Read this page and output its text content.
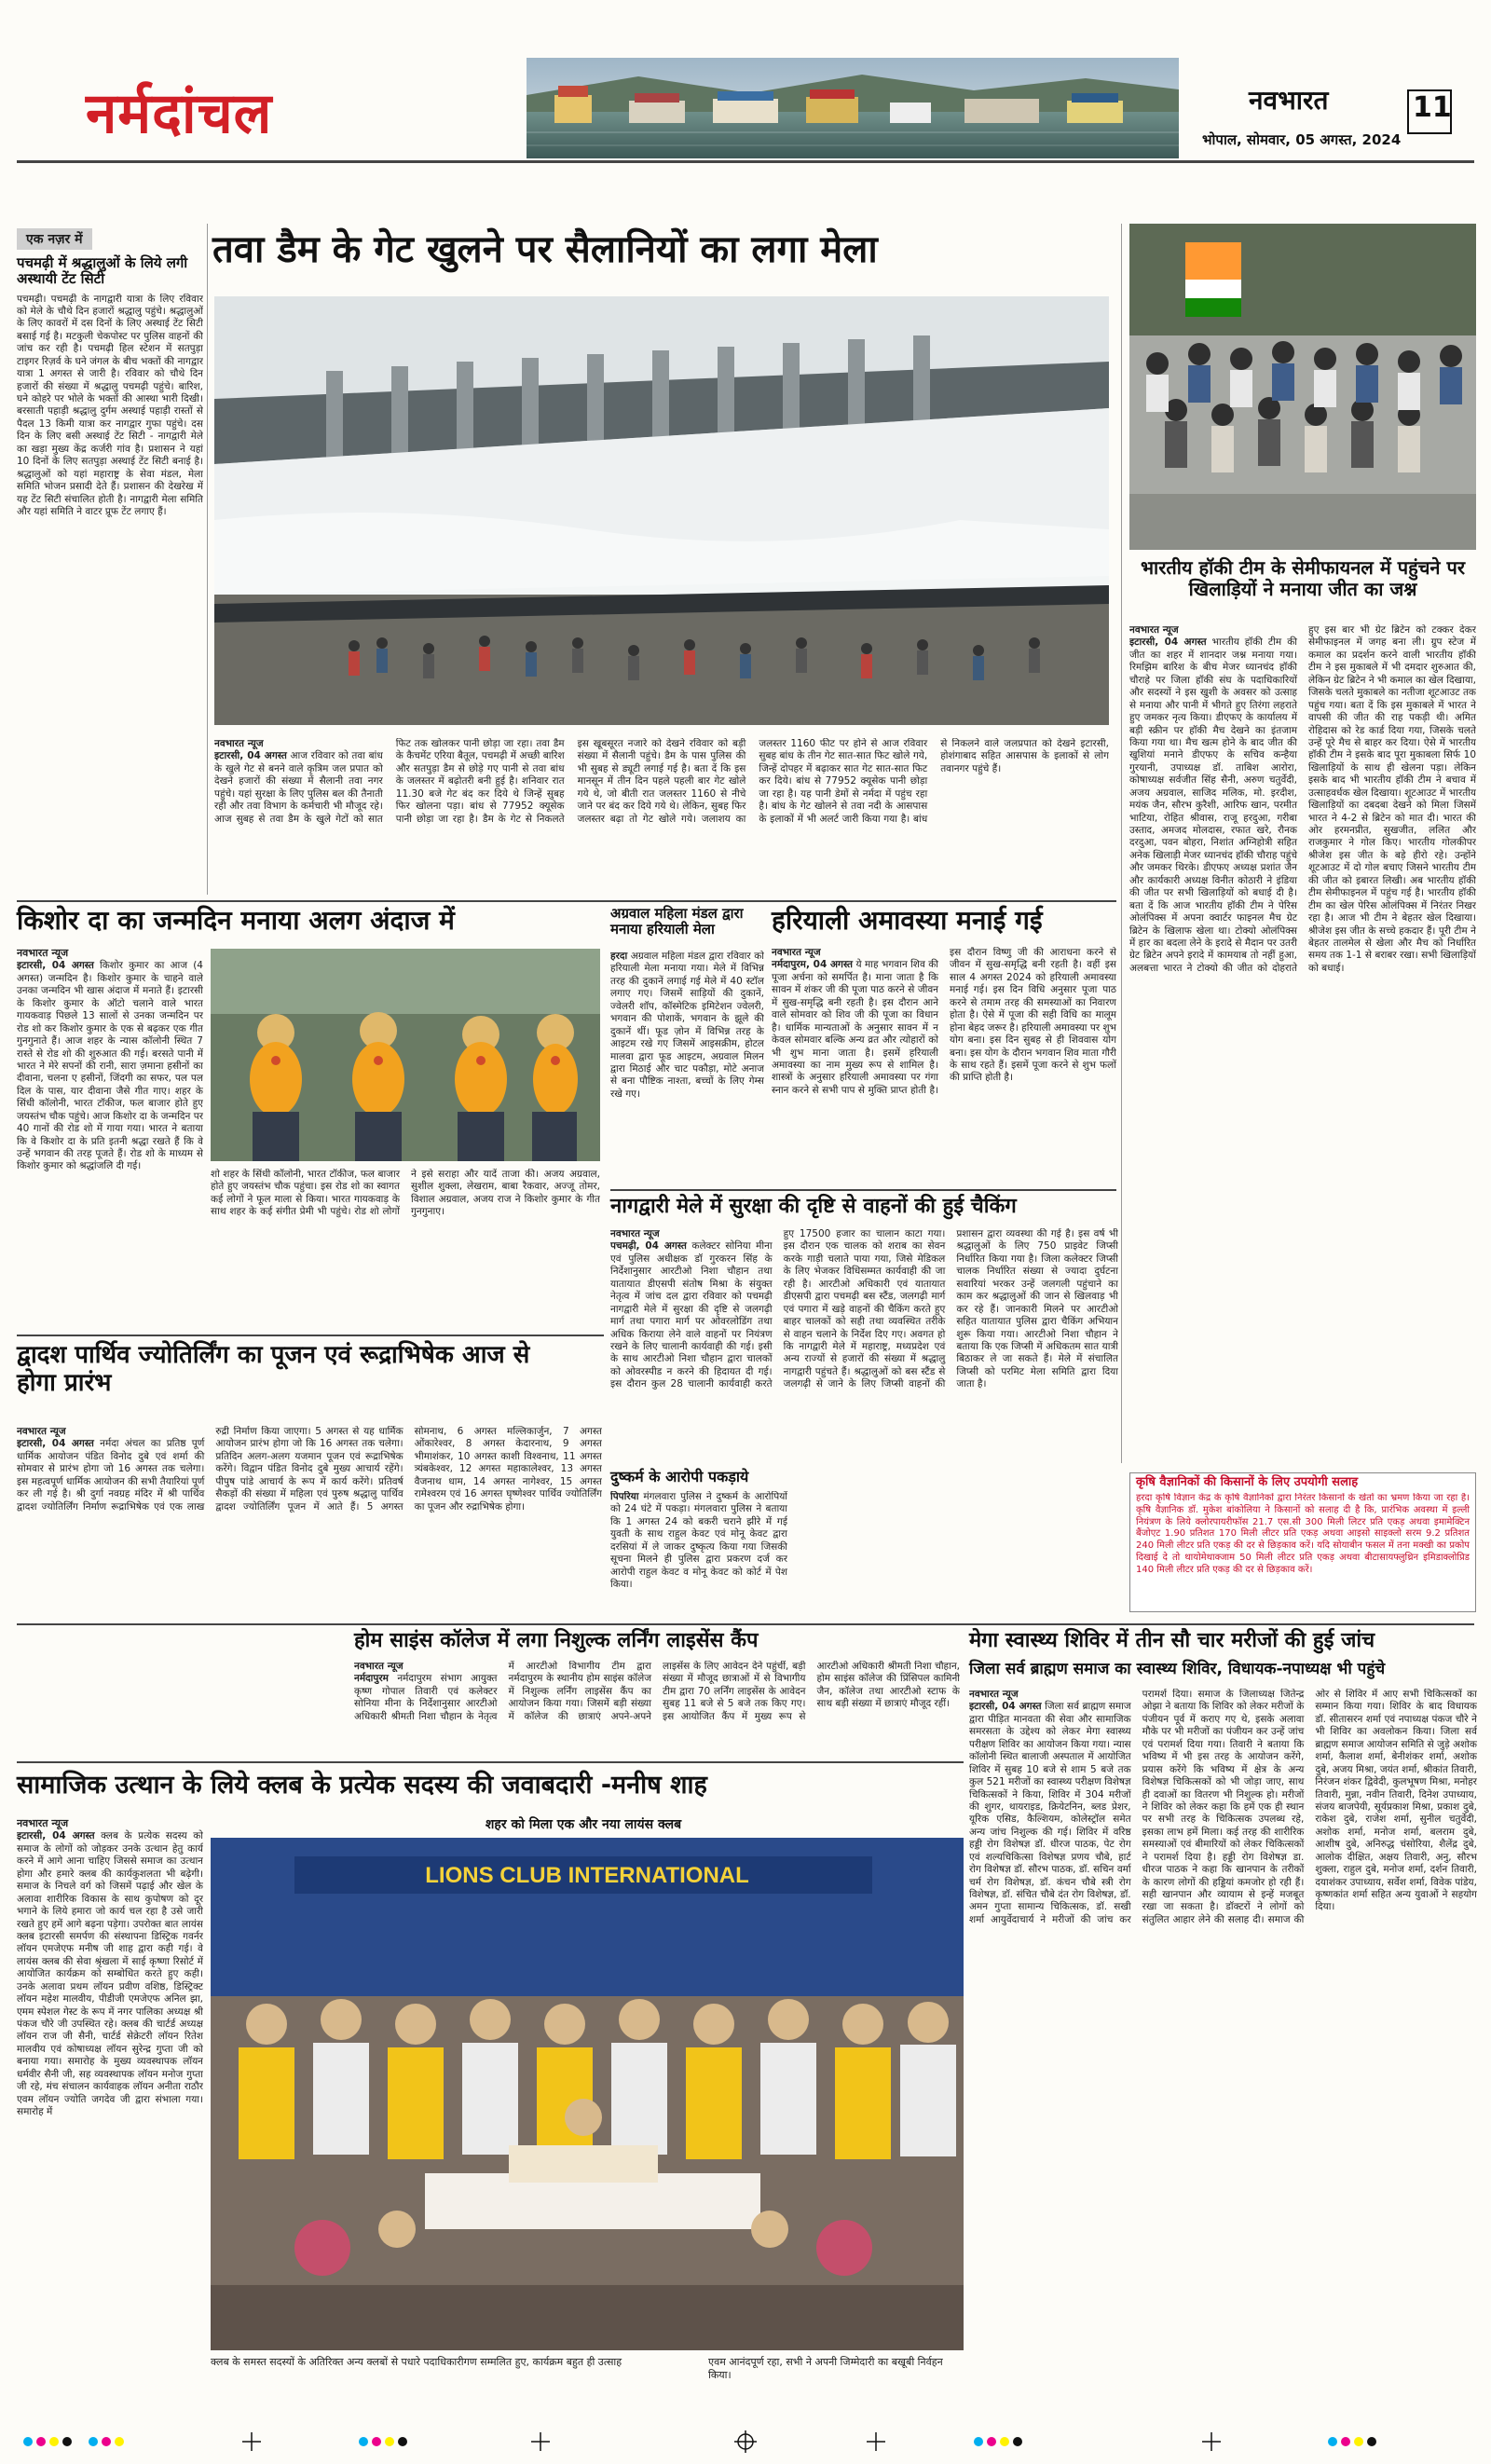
नर्मदांचल	नवभारत
भोपाल, सोमवार, 05 अगस्त, 2024
11
एक नज़र में
पचमढ़ी में श्रद्धालुओं के लिये लगी अस्थायी टेंट सिटी
पचमढ़ी। पचमढ़ी के नागद्वारी यात्रा के लिए रविवार को मेले के चौथे दिन हजारों श्रद्धालु पहुंचे। श्रद्धालुओं के लिए कावरों में दस दिनों के लिए अस्थाई टेंट सिटी बसाई गई है। मटकुली चेकपोस्ट पर पुलिस वाहनों की जांच कर रही है। पचमढ़ी हिल स्टेशन में सतपुड़ा टाइगर रिज़र्व के घने जंगल के बीच भक्तों की नागद्वार यात्रा 1 अगस्त से जारी है। रविवार को चौथे दिन हजारों की संख्या में श्रद्धालु पचमढ़ी पहुंचे। बारिश, घने कोहरे पर भोले के भक्तों की आस्था भारी दिखी। बरसाती पहाड़ी श्रद्धालु दुर्गम अस्थाई पहाड़ी रास्तों से पैदल 13 किमी यात्रा कर नागद्वार गुफा पहुंचे। दस दिन के लिए बसी अस्थाई टेंट सिटी - नागद्वारी मेले का खड़ा मुख्य केंद्र कर्जरी गांव है। प्रशासन ने यहां 10 दिनों के लिए सतपुड़ा अस्थाई टेंट सिटी बनाई है। श्रद्धालुओं को यहां महाराष्ट्र के सेवा मंडल, मेला समिति भोजन प्रसादी देते हैं। प्रशासन की देखरेख में यह टेंट सिटी संचालित होती है। नागद्वारी मेला समिति और यहां समिति ने वाटर प्रूफ टेंट लगाए हैं।
तवा डैम के गेट खुलने पर सैलानियों का लगा मेला
नवभारत न्यूज
इटारसी, 04 अगस्त आज रविवार को तवा बांध के खुले गेट से बनने वाले कृत्रिम जल प्रपात को देखने हजारों की संख्या में सैलानी तवा नगर पहुंचे। यहां सुरक्षा के लिए पुलिस बल की तैनाती रही और तवा विभाग के कर्मचारी भी मौजूद रहे। आज सुबह से तवा डैम के खुले गेटों को सात फिट तक खोलकर पानी छोड़ा जा रहा। तवा डैम के कैचमेंट एरिया बैतूल, पचमढ़ी में अच्छी बारिश और सतपुड़ा डैम से छोड़े गए पानी से तवा बांध के जलस्तर में बढ़ोतरी बनी हुई है। शनिवार रात 11.30 बजे गेट बंद कर दिये थे जिन्हें सुबह फिर खोलना पड़ा। बांध से 77952 क्यूसेक पानी छोड़ा जा रहा है। डैम के गेट से निकलते इस खूबसूरत नजारे को देखने रविवार को बड़ी संख्या में सैलानी पहुंचे। डैम के पास पुलिस की भी सुबह से ड्यूटी लगाई गई है। बता दें कि इस मानसून में तीन दिन पहले पहली बार गेट खोले गये थे, जो बीती रात जलस्तर 1160 से नीचे जाने पर बंद कर दिये गये थे। लेकिन, सुबह फिर जलस्तर बढ़ा तो गेट खोले गये। जलाशय का जलस्तर 1160 फीट पर होने से आज रविवार सुबह बांध के तीन गेट सात-सात फिट खोले गये, जिन्हें दोपहर में बढ़ाकर सात गेट सात-सात फिट कर दिये। बांध से 77952 क्यूसेक पानी छोड़ा जा रहा है। यह पानी डेमों से नर्मदा में पहुंच रहा है। बांध के गेट खोलने से तवा नदी के आसपास के इलाकों में भी अलर्ट जारी किया गया है। बांध से निकलने वाले जलप्रपात को देखने इटारसी, होशंगाबाद सहित आसपास के इलाकों से लोग तवानगर पहुंचे हैं।
भारतीय हॉकी टीम के सेमीफायनल में पहुंचने पर खिलाड़ियों ने मनाया जीत का जश्न
नवभारत न्यूज
इटारसी, 04 अगस्त भारतीय हॉकी टीम की जीत का शहर में शानदार जश्न मनाया गया। रिमझिम बारिश के बीच मेजर ध्यानचंद हॉकी चौराहे पर जिला हॉकी संघ के पदाधिकारियों और सदस्यों ने इस खुशी के अवसर को उत्साह से मनाया और पानी में भीगते हुए तिरंगा लहराते हुए जमकर नृत्य किया। डीएफए के कार्यालय में बड़ी स्क्रीन पर हॉकी मैच देखने का इंतजाम किया गया था। मैच खत्म होने के बाद जीत की खुशियां मनाने डीएफए के सचिव कन्हैया गुरयानी, उपाध्यक्ष डॉ. ताबिश आरोरा, कोषाध्यक्ष सर्वजीत सिंह सैनी, अरुण चतुर्वेदी, अजय अग्रवाल, साजिद मलिक, मो. इरदीश, मयंक जैन, सौरभ कुरैशी, आरिफ खान, परमीत भाटिया, रोहित श्रीवास, राजू हरदुआ, गरीबा उस्ताद, अमजद मोलदास, रफात खरे, रौनक दरदुआ, पवन बोहरा, निशांत अग्निहोत्री सहित अनेक खिलाड़ी मेजर ध्यानचंद हॉकी चौराह पहुंचे और जमकर थिरके। डीएफए अध्यक्ष प्रशांत जैन और कार्यकारी अध्यक्ष विनीत कोठारी ने इंडिया की जीत पर सभी खिलाड़ियों को बधाई दी है। बता दें कि आज भारतीय हॉकी टीम ने पेरिस ओलंपिक्स में अपना क्वार्टर फाइनल मैच ग्रेट ब्रिटेन के खिलाफ खेला था। टोक्यो ओलंपिक्स में हार का बदला लेने के इरादे से मैदान पर उतरी ग्रेट ब्रिटेन अपने इरादे में कामयाब तो नहीं हुआ, अलबत्ता भारत ने टोक्यो की जीत को दोहराते हुए इस बार भी ग्रेट ब्रिटेन को टक्कर देकर सेमीफाइनल में जगह बना ली। ग्रुप स्टेज में कमाल का प्रदर्शन करने वाली भारतीय हॉकी टीम ने इस मुकाबले में भी दमदार शुरुआत की, लेकिन ग्रेट ब्रिटेन ने भी कमाल का खेल दिखाया, जिसके चलते मुकाबले का नतीजा शूटआउट तक पहुंच गया। बता दें कि इस मुकाबले में भारत ने वापसी की जीत की राह पकड़ी थी। अमित रोहिदास को रेड कार्ड दिया गया, जिसके चलते उन्हें पूरे मैच से बाहर कर दिया। ऐसे में भारतीय हॉकी टीम ने इसके बाद पूरा मुकाबला सिर्फ 10 खिलाड़ियों के साथ ही खेलना पड़ा। लेकिन इसके बाद भी भारतीय हॉकी टीम ने बचाव में उत्साहवर्धक खेल दिखाया। शूटआउट में भारतीय खिलाड़ियों का दबदबा देखने को मिला जिसमें भारत ने 4-2 से ब्रिटेन को मात दी। भारत की ओर हरमनप्रीत, सुखजीत, ललित और राजकुमार ने गोल किए। भारतीय गोलकीपर श्रीजेश इस जीत के बड़े हीरो रहे। उन्होंने शूटआउट में दो गोल बचाए जिसने भारतीय टीम की जीत को इबारत लिखी। अब भारतीय हॉकी टीम सेमीफाइनल में पहुंच गई है। भारतीय हॉकी टीम का खेल पेरिस ओलंपिक्स में निरंतर निखर रहा है। आज भी टीम ने बेहतर खेल दिखाया। श्रीजेश इस जीत के सच्चे हकदार हैं। पूरी टीम ने बेहतर तालमेल से खेला और मैच को निर्धारित समय तक 1-1 से बराबर रखा। सभी खिलाड़ियों को बधाई।
किशोर दा का जन्मदिन मनाया अलग अंदाज में
नवभारत न्यूज
इटारसी, 04 अगस्त किशोर कुमार का आज (4 अगस्त) जन्मदिन है। किशोर कुमार के चाहने वाले उनका जन्मदिन भी खास अंदाज में मनाते हैं। इटारसी के किशोर कुमार के ऑटो चलाने वाले भारत गायकवाड़ पिछले 13 सालों से उनका जन्मदिन पर रोड शो कर किशोर कुमार के एक से बढ़कर एक गीत गुनगुनाते हैं। आज शहर के न्यास कॉलोनी स्थित 7 रास्ते से रोड शो की शुरुआत की गई। बरसते पानी में भारत ने मेरे सपनों की रानी, सारा ज़माना हसीनों का दीवाना, चलना ए हसीनों, जिंदगी का सफर, पल पल दिल के पास, यार दीवाना जैसे गीत गाए। शहर के सिंधी कॉलोनी, भारत टॉकीज, फल बाजार होते हुए जयस्तंभ चौक पहुंचे। आज किशोर दा के जन्मदिन पर 40 गानों की रोड शो में गाया गया। भारत ने बताया कि वे किशोर दा के प्रति इतनी श्रद्धा रखते हैं कि वे उन्हें भगवान की तरह पूजते हैं। रोड शो के माध्यम से किशोर कुमार को श्रद्धांजलि दी गई।
शो शहर के सिंधी कॉलोनी, भारत टॉकीज, फल बाजार होते हुए जयस्तंभ चौक पहुंचा। इस रोड शो का स्वागत कई लोगों ने फूल माला से किया। भारत गायकवाड़ के साथ शहर के कई संगीत प्रेमी भी पहुंचे। रोड शो लोगों ने इसे सराहा और यादें ताजा की। अजय अग्रवाल, सुशील शुक्ला, लेखराम, बाबा रैकवार, अज्जू तोमर, विशाल अग्रवाल, अजय राज ने किशोर कुमार के गीत गुनगुनाए।
द्वादश पार्थिव ज्योतिर्लिंग का पूजन एवं रूद्राभिषेक आज से होगा प्रारंभ
नवभारत न्यूज
इटारसी, 04 अगस्त नर्मदा अंचल का प्रतिष्ठ पूर्ण धार्मिक आयोजन पंडित विनोद दुबे एवं शर्मा की सोमवार से प्रारंभ होगा जो 16 अगस्त तक चलेगा। इस महत्वपूर्ण धार्मिक आयोजन की सभी तैयारियां पूर्ण कर ली गई है। श्री दुर्गा नवग्रह मंदिर में श्री पार्थिव द्वादश ज्योतिर्लिंग निर्माण रूद्राभिषेक एवं एक लाख रुद्री निर्माण किया जाएगा। 5 अगस्त से यह धार्मिक आयोजन प्रारंभ होगा जो कि 16 अगस्त तक चलेगा। प्रतिदिन अलग-अलग यजमान पूजन एवं रूद्राभिषेक करेंगे। विद्वान पंडित विनोद दुबे मुख्य आचार्य रहेंगे। पीपुष पांडे आचार्य के रूप में कार्य करेंगे। प्रतिवर्ष सैकड़ों की संख्या में महिला एवं पुरुष श्रद्धालु पार्थिव द्वादश ज्योतिर्लिंग पूजन में आते हैं। 5 अगस्त सोमनाथ, 6 अगस्त मल्लिकार्जुन, 7 अगस्त ओंकारेश्वर, 8 अगस्त केदारनाथ, 9 अगस्त भीमाशंकर, 10 अगस्त काशी विश्वनाथ, 11 अगस्त त्र्यंबकेश्वर, 12 अगस्त महाकालेश्वर, 13 अगस्त वैजनाथ धाम, 14 अगस्त नागेश्वर, 15 अगस्त रामेश्वरम एवं 16 अगस्त घृष्णेश्वर पार्थिव ज्योतिर्लिंग का पूजन और रुद्राभिषेक होगा।
अग्रवाल महिला मंडल द्वारा मनाया हरियाली मेला
हरदा अग्रवाल महिला मंडल द्वारा रविवार को हरियाली मेला मनाया गया। मेले में विभिन्न तरह की दुकानें लगाई गई मेले में 40 स्टॉल लगाए गए। जिसमें साड़ियों की दुकानें, ज्वेलरी शॉप, कॉस्मेटिक इमिटेशन ज्वेलरी, भगवान की पोशाकें, भगवान के झूले की दुकानें थीं। फूड ज़ोन में विभिन्न तरह के आइटम रखे गए जिसमें आइसक्रीम, होटल मालवा द्वारा फूड आइटम, अग्रवाल मिलन द्वारा मिठाई और चाट पकौड़ा, मोटे अनाज से बना पौष्टिक नाश्ता, बच्चों के लिए गेम्स रखे गए।
हरियाली अमावस्या मनाई गई
नवभारत न्यूज
नर्मदापुरम, 04 अगस्त ये माह भगवान शिव की पूजा अर्चना को समर्पित है। माना जाता है कि सावन में शंकर जी की पूजा पाठ करने से जीवन में सुख-समृद्धि बनी रहती है। इस दौरान आने वाले सोमवार को शिव जी की पूजा का विधान है। धार्मिक मान्यताओं के अनुसार सावन में न केवल सोमवार बल्कि अन्य व्रत और त्योहारों को भी शुभ माना जाता है। इसमें हरियाली अमावस्या का नाम मुख्य रूप से शामिल है। शास्त्रों के अनुसार हरियाली अमावस्या पर गंगा स्नान करने से सभी पाप से मुक्ति प्राप्त होती है। इस दौरान विष्णु जी की आराधना करने से जीवन में सुख-समृद्धि बनी रहती है। वहीं इस साल 4 अगस्त 2024 को हरियाली अमावस्या मनाई गई। इस दिन विधि अनुसार पूजा पाठ करने से तमाम तरह की समस्याओं का निवारण होता है। ऐसे में पूजा की सही विधि का मालूम होना बेहद जरूर है। हरियाली अमावस्या पर शुभ योग बना। इस दिन सुबह से ही शिववास योग बना। इस योग के दौरान भगवान शिव माता गौरी के साथ रहते हैं। इसमें पूजा करने से शुभ फलों की प्राप्ति होती है।
नागद्वारी मेले में सुरक्षा की दृष्टि से वाहनों की हुई चैकिंग
नवभारत न्यूज
पचमढ़ी, 04 अगस्त कलेक्टर सोनिया मीना एवं पुलिस अधीक्षक डॉ गुरकरन सिंह के निर्देशानुसार आरटीओ निशा चौहान तथा यातायात डीएसपी संतोष मिश्रा के संयुक्त नेतृत्व में जांच दल द्वारा रविवार को पचमढ़ी नागद्वारी मेले में सुरक्षा की दृष्टि से जलगढ़ी मार्ग तथा पगारा मार्ग पर ओवरलोडिंग तथा अधिक किराया लेने वाले वाहनों पर नियंत्रण रखने के लिए चालानी कार्यवाही की गई। इसी के साथ आरटीओ निशा चौहान द्वारा चालकों को ओवरस्पीड न करने की हिदायत दी गई। इस दौरान कुल 28 चालानी कार्यवाही करते हुए 17500 हजार का चालान काटा गया। इस दौरान एक चालक को शराब का सेवन करके गाड़ी चलाते पाया गया, जिसे मेडिकल के लिए भेजकर विधिसम्मत कार्यवाही की जा रही है। आरटीओ अधिकारी एवं यातायात डीएसपी द्वारा पचमढ़ी बस स्टैंड, जलगढ़ी मार्ग एवं पगारा में खड़े वाहनों की चैकिंग करते हुए बाहर चालकों को सही तथा व्यवस्थित तरीके से वाहन चलाने के निर्देश दिए गए। अवगत हो कि नागद्वारी मेले में महाराष्ट्र, मध्यप्रदेश एवं अन्य राज्यों से हजारों की संख्या में श्रद्धालु नागद्वारी पहुंचते हैं। श्रद्धालुओं को बस स्टैंड से जलगढ़ी से जाने के लिए जिप्सी वाहनों की प्रशासन द्वारा व्यवस्था की गई है। इस वर्ष भी श्रद्धालुओं के लिए 750 प्राइवेट जिप्सी निर्धारित किया गया है। जिला कलेक्टर जिप्सी चालक निर्धारित संख्या से ज्यादा दुर्घटना सवारियां भरकर उन्हें जलगली पहुंचाने का काम कर श्रद्धालुओं की जान से खिलवाड़ भी कर रहे हैं। जानकारी मिलने पर आरटीओ सहित यातायात पुलिस द्वारा चैकिंग अभियान शुरू किया गया। आरटीओ निशा चौहान ने बताया कि एक जिप्सी में अधिकतम सात यात्री बिठाकर ले जा सकते हैं। मेले में संचालित जिप्सी को परमिट मेला समिति द्वारा दिया जाता है।
दुष्कर्म के आरोपी पकड़ाये
पिपरिया मंगलवारा पुलिस ने दुष्कर्म के आरोपियों को 24 घंटे में पकड़ा। मंगलवारा पुलिस ने बताया कि 1 अगस्त 24 को बकरी चराने झीरे में गई युवती के साथ राहुल केवट एवं मोनू केवट द्वारा दरसियां में ले जाकर दुष्कृत्य किया गया जिसकी सूचना मिलने ही पुलिस द्वारा प्रकरण दर्ज कर आरोपी राहुल केवट व मोनू केवट को कोर्ट में पेश किया।
कृषि वैज्ञानिकों की किसानों के लिए उपयोगी सलाह
हरदा कृषि विज्ञान केंद्र के कृषि वैज्ञानिकों द्वारा निरंतर किसानों के खेतों का भ्रमण किया जा रहा है। कृषि वैज्ञानिक डॉ. मुकेश बांकोलिया ने किसानों को सलाह दी है कि, प्रारंभिक अवस्था में इल्ली नियंत्रण के लिये क्लोरपायरीफॉस 21.7 एस.सी 300 मिली लिटर प्रति एकड़ अथवा इमामेक्टिन बैंजोएट 1.90 प्रतिशत 170 मिली लीटर प्रति एकड़ अथवा आइसो साइक्लो सरम 9.2 प्रतिशत 240 मिली लीटर प्रति एकड़ की दर से छिड़काव करें। यदि सोयाबीन फसल में तना मक्खी का प्रकोप दिखाई दे तो थायोमेथाक्जाम 50 मिली लीटर प्रति एकड़ अथवा बीटासायफ्लुथ्रिन इमिडाक्लोप्रिड 140 मिली लीटर प्रति एकड़ की दर से छिड़काव करें।
होम साइंस कॉलेज में लगा निशुल्क लर्निंग लाइसेंस कैंप
नवभारत न्यूज
नर्मदापुरम नर्मदापुरम संभाग आयुक्त कृष्ण गोपाल तिवारी एवं कलेक्टर सोनिया मीना के निर्देशानुसार आरटीओ अधिकारी श्रीमती निशा चौहान के नेतृत्व में आरटीओ विभागीय टीम द्वारा नर्मदापुरम के स्थानीय होम साइंस कॉलेज में निशुल्क लर्निंग लाइसेंस कैंप का आयोजन किया गया। जिसमें बड़ी संख्या में कॉलेज की छात्राएं अपने-अपने लाइसेंस के लिए आवेदन देने पहुंचीं, बड़ी संख्या में मौजूद छात्राओं में से विभागीय टीम द्वारा 70 लर्निंग लाइसेंस के आवेदन सुबह 11 बजे से 5 बजे तक किए गए। इस आयोजित कैंप में मुख्य रूप से आरटीओ अधिकारी श्रीमती निशा चौहान, होम साइंस कॉलेज की प्रिंसिपल कामिनी जैन, कॉलेज तथा आरटीओ स्टाफ के साथ बड़ी संख्या में छात्राएं मौजूद रहीं।
मेगा स्वास्थ्य शिविर में तीन सौ चार मरीजों की हुई जांच
जिला सर्व ब्राह्मण समाज का स्वास्थ्य शिविर, विधायक-नपाध्यक्ष भी पहुंचे
नवभारत न्यूज
इटारसी, 04 अगस्त जिला सर्व ब्राह्मण समाज द्वारा पीड़ित मानवता की सेवा और सामाजिक समरसता के उद्देश्य को लेकर मेगा स्वास्थ्य परीक्षण शिविर का आयोजन किया गया। न्यास कॉलोनी स्थित बालाजी अस्पताल में आयोजित शिविर में सुबह 10 बजे से शाम 5 बजे तक कुल 521 मरीजों का स्वास्थ्य परीक्षण विशेषज्ञ चिकित्सकों ने किया, शिविर में 304 मरीजों की शुगर, थायराइड, क्रियेटनिन, ब्लड प्रेशर, यूरिक एसिड, कैल्शियम, कोलेस्ट्रॉल समेत अन्य जांच निशुल्क की गई। शिविर में वरिष्ठ हड्डी रोग विशेषज्ञ डॉ. धीरज पाठक, पेट रोग एवं शल्यचिकित्सा विशेषज्ञ प्रणय चौबे, हार्ट रोग विशेषज्ञ डॉ. सौरभ पाठक, डॉ. सचिन वर्मा चर्म रोग विशेषज्ञ, डॉ. कंचन चौबे स्त्री रोग विशेषज्ञ, डॉ. संचित चौबे दंत रोग विशेषज्ञ, डॉ. अमन गुप्ता सामान्य चिकित्सक, डॉ. सखी शर्मा आयुर्वेदाचार्य ने मरीजों की जांच कर परामर्श दिया। समाज के जिलाध्यक्ष जितेन्द्र ओझा ने बताया कि शिविर को लेकर मरीजों के पंजीयन पूर्व में कराए गए थे, इसके अलावा मौके पर भी मरीजों का पंजीयन कर उन्हें जांच एवं परामर्श दिया गया। तिवारी ने बताया कि भविष्य में भी इस तरह के आयोजन करेंगे, प्रयास करेंगे कि भविष्य में क्षेत्र के अन्य विशेषज्ञ चिकित्सकों को भी जोड़ा जाए, साथ ही दवाओं का वितरण भी निशुल्क हो। मरीजों ने शिविर को लेकर कहा कि हमें एक ही स्थान पर सभी तरह के चिकित्सक उपलब्ध रहे, इसका लाभ हमें मिला। कई तरह की शारीरिक समस्याओं एवं बीमारियों को लेकर चिकित्सकों ने परामर्श दिया है। हड्डी रोग विशेषज्ञ डा. धीरज पाठक ने कहा कि खानपान के तरीकों के कारण लोगों की हड्डियां कमजोर हो रही हैं। सही खानपान और व्यायाम से इन्हें मजबूत रखा जा सकता है। डॉक्टरों ने लोगों को संतुलित आहार लेने की सलाह दी। समाज की ओर से शिविर में आए सभी चिकित्सकों का सम्मान किया गया। शिविर के बाद विधायक डॉ. सीतासरन शर्मा एवं नपाध्यक्ष पंकज चौरे ने भी शिविर का अवलोकन किया। जिला सर्व ब्राह्मण समाज आयोजन समिति से जुड़े अशोक शर्मा, कैलाश शर्मा, बेनीशंकर शर्मा, अशोक दुबे, अजय मिश्रा, जयंत शर्मा, श्रीकांत तिवारी, निरंजन शंकर द्विवेदी, कुलभूषण मिश्रा, मनोहर तिवारी, मुन्ना, नवीन तिवारी, दिनेश उपाध्याय, संजय बाजपेयी, सूर्यप्रकाश मिश्रा, प्रकाश दुबे, राकेश दुबे, राजेश शर्मा, सुनील चतुर्वेदी, अशोक शर्मा, मनोज शर्मा, बलराम दुबे, आशीष दुबे, अनिरुद्ध चंसोरिया, शैलेंद्र दुबे, आलोक दीक्षित, अक्षय तिवारी, अनु, सौरभ शुक्ला, राहुल दुबे, मनोज शर्मा, दर्शन तिवारी, दयाशंकर उपाध्याय, सर्वेश शर्मा, विवेक पांडेय, कृष्णकांत शर्मा सहित अन्य युवाओं ने सहयोग दिया।
सामाजिक उत्थान के लिये क्लब के प्रत्येक सदस्य की जवाबदारी -मनीष शाह
नवभारत न्यूज
इटारसी, 04 अगस्त क्लब के प्रत्येक सदस्य को समाज के लोगों को जोड़कर उनके उत्थान हेतु कार्य करने में आगे आना चाहिए जिससे समाज का उत्थान होगा और हमारे क्लब की कार्यकुशलता भी बढ़ेगी। समाज के निचले वर्ग को जिसमें पढ़ाई और खेल के अलावा शारीरिक विकास के साथ कुपोषण को दूर भगाने के लिये हमारा जो कार्य चल रहा है उसे जारी रखते हुए हमें आगे बढ़ना पड़ेगा। उपरोक्त बात लायंस क्लब इटारसी समर्पण की संस्थापना डिस्ट्रिक गवर्नर लॉयन एमजेएफ मनीष जी शाह द्वारा कही गई। वे लायंस क्लब की सेवा श्रृंखला में साई कृष्णा रिसोर्ट में आयोजित कार्यक्रम को सम्बोधित करते हुए कही। उनके अलावा प्रथम लॉयन प्रवीण वशिष्ठ, डिस्ट्रिक्ट लॉयन महेश मालवीय, पीडीजी एमजेएफ अनिल झा, एमम स्पेशल गेस्ट के रूप में नगर पालिका अध्यक्ष श्री पंकज चौरे जी उपस्थित रहे। क्लब की चार्टर्ड अध्यक्ष लॉयन राज जी सैनी, चार्टर्ड सेक्रेटरी लॉयन रितेश मालवीय एवं कोषाध्यक्ष लॉयन सुरेन्द्र गुप्ता जी को बनाया गया। समारोह के मुख्य व्यवस्थापक लॉयन धर्मवीर सैनी जी, सह व्यवस्थापक लॉयन मनोज गुप्ता जी रहे, मंच संचालन कार्यवाहक लॉयन अनीता राठौर एवम लॉयन ज्योति जगदेव जी द्वारा संभाला गया। समारोह में
शहर को मिला एक और नया लायंस क्लब
LIONS CLUB INTERNATIONAL
क्लब के समस्त सदस्यों के अतिरिक्त अन्य क्लबों से पधारे पदाधिकारीगण सम्मलित हुए, कार्यक्रम बहुत ही उत्साह	एवम आनंदपूर्ण रहा, सभी ने अपनी जिम्मेदारी का बखूबी निर्वहन किया।
